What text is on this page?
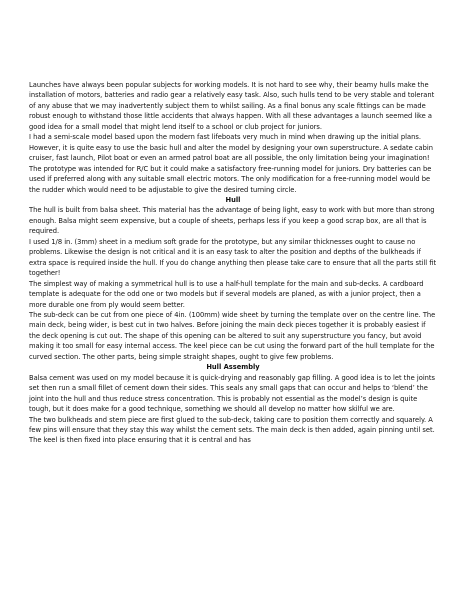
Launches have always been popular subjects for working models. It is not hard to see why, their beamy hulls make the installation of motors, batteries and radio gear a relatively easy task. Also, such hulls tend to be very stable and tolerant of any abuse that we may inadvertently subject them to whilst sailing. As a final bonus any scale fittings can be made robust enough to withstand those little accidents that always happen. With all these advantages a launch seemed like a good idea for a small model that might lend itself to a school or club project for juniors.

I had a semi-scale model based upon the modern fast lifeboats very much in mind when drawing up the initial plans. However, it is quite easy to use the basic hull and alter the model by designing your own superstructure. A sedate cabin cruiser, fast launch, Pilot boat or even an armed patrol boat are all possible, the only limitation being your imagination!

The prototype was intended for R/C but it could make a satisfactory free-running model for juniors. Dry batteries can be used if preferred along with any suitable small electric motors. The only modification for a free-running model would be the rudder which would need to be adjustable to give the desired turning circle.

Hull

The hull is built from balsa sheet. This material has the advantage of being light, easy to work with but more than strong enough. Balsa might seem expensive, but a couple of sheets, perhaps less if you keep a good scrap box, are all that is required.

I used 1/8 in. (3mm) sheet in a medium soft grade for the prototype, but any similar thicknesses ought to cause no problems. Likewise the design is not critical and it is an easy task to alter the position and depths of the bulkheads if extra space is required inside the hull. If you do change anything then please take care to ensure that all the parts still fit together!

The simplest way of making a symmetrical hull is to use a half-hull template for the main and sub-decks. A cardboard template is adequate for the odd one or two models but if several models are planed, as with a junior project, then a more durable one from ply would seem better.

The sub-deck can be cut from one piece of 4in. (100mm) wide sheet by turning the template over on the centre line. The main deck, being wider, is best cut in two halves. Before joining the main deck pieces together it is probably easiest if the deck opening is cut out. The shape of this opening can be altered to suit any superstructure you fancy, but avoid making it too small for easy internal access. The keel piece can be cut using the forward part of the hull template for the curved section. The other parts, being simple straight shapes, ought to give few problems.

Hull Assembly

Balsa cement was used on my model because it is quick-drying and reasonably gap filling. A good idea is to let the joints set then run a small fillet of cement down their sides. This seals any small gaps that can occur and helps to ‘blend’ the joint into the hull and thus reduce stress concentration. This is probably not essential as the model’s design is quite tough, but it does make for a good technique, something we should all develop no matter how skilful we are.

The two bulkheads and stem piece are first glued to the sub-deck, taking care to position them correctly and squarely. A few pins will ensure that they stay this way whilst the cement sets. The main deck is then added, again pinning until set. The keel is then fixed into place ensuring that it is central and has
